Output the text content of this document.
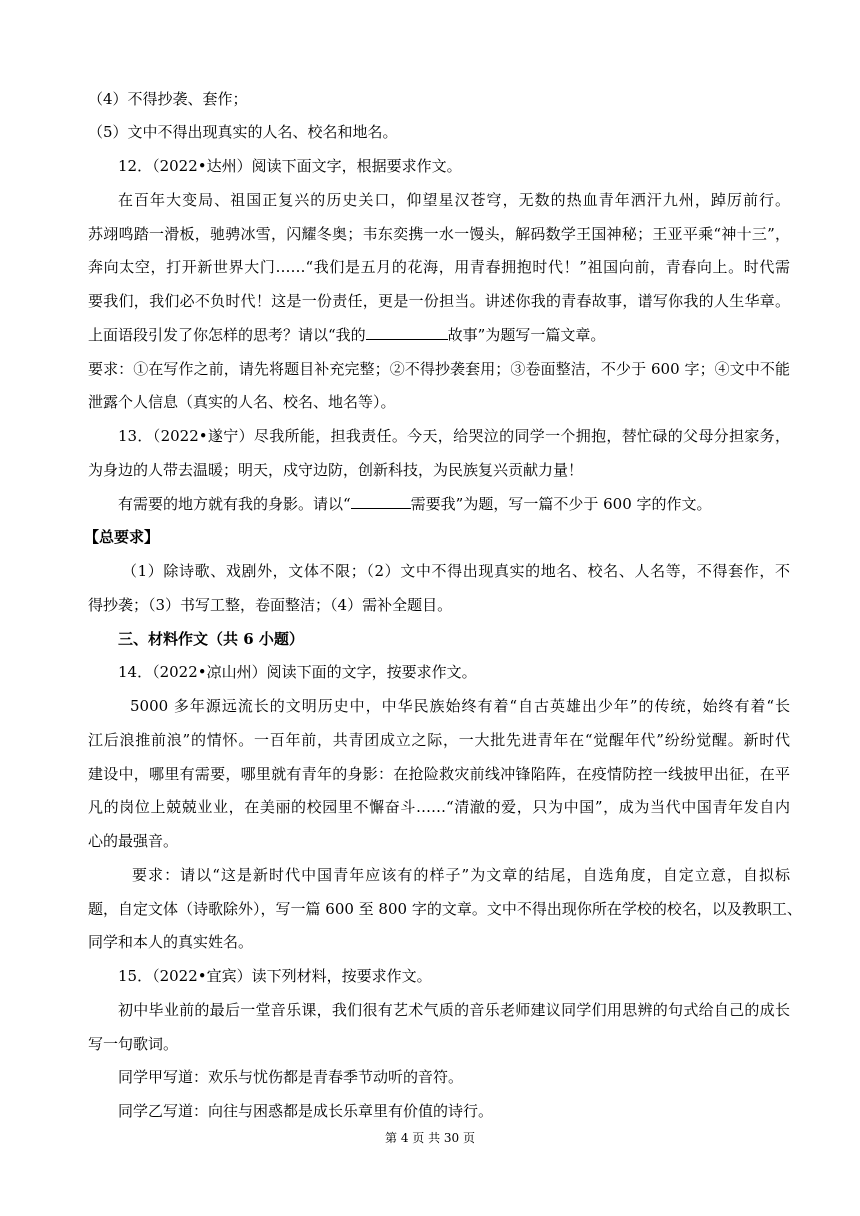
（4）不得抄袭、套作；
（5）文中不得出现真实的人名、校名和地名。
12．（2022•达州）阅读下面文字，根据要求作文。
在百年大变局、祖国正复兴的历史关口，仰望星汉苍穹，无数的热血青年洒汗九州，踔厉前行。
苏翊鸣踏一滑板，驰骋冰雪，闪耀冬奥；韦东奕携一水一馒头，解码数学王国神秘；王亚平乘“神十三”，
奔向太空，打开新世界大门……“我们是五月的花海，用青春拥抱时代！”祖国向前，青春向上。时代需
要我们，我们必不负时代！这是一份责任，更是一份担当。讲述你我的青春故事，谱写你我的人生华章。
上面语段引发了你怎样的思考？请以“我的	故事”为题写一篇文章。
要求：①在写作之前，请先将题目补充完整；②不得抄袭套用；③卷面整洁，不少于 600 字；④文中不能
泄露个人信息（真实的人名、校名、地名等）。
13．（2022•遂宁）尽我所能，担我责任。今天，给哭泣的同学一个拥抱，替忙碌的父母分担家务，
为身边的人带去温暖；明天，戍守边防，创新科技，为民族复兴贡献力量！
有需要的地方就有我的身影。请以“	需要我”为题，写一篇不少于 600 字的作文。
【总要求】
（1）除诗歌、戏剧外，文体不限；（2）文中不得出现真实的地名、校名、人名等，不得套作，不
得抄袭；（3）书写工整，卷面整洁；（4）需补全题目。
三、材料作文（共 6 小题）
14．（2022•凉山州）阅读下面的文字，按要求作文。
5000 多年源远流长的文明历史中，中华民族始终有着“自古英雄出少年”的传统，始终有着“长
江后浪推前浪”的情怀。一百年前，共青团成立之际，一大批先进青年在“觉醒年代”纷纷觉醒。新时代
建设中，哪里有需要，哪里就有青年的身影：在抢险救灾前线冲锋陷阵，在疫情防控一线披甲出征，在平
凡的岗位上兢兢业业，在美丽的校园里不懈奋斗……“清澈的爱，只为中国”，成为当代中国青年发自内
心的最强音。
要求：请以“这是新时代中国青年应该有的样子”为文章的结尾，自选角度，自定立意，自拟标
题，自定文体（诗歌除外），写一篇 600 至 800 字的文章。文中不得出现你所在学校的校名，以及教职工、
同学和本人的真实姓名。
15．（2022•宜宾）读下列材料，按要求作文。
初中毕业前的最后一堂音乐课，我们很有艺术气质的音乐老师建议同学们用思辨的句式给自己的成长
写一句歌词。
同学甲写道：欢乐与忧伤都是青春季节动听的音符。
同学乙写道：向往与困惑都是成长乐章里有价值的诗行。
第 4 页 共 30 页
